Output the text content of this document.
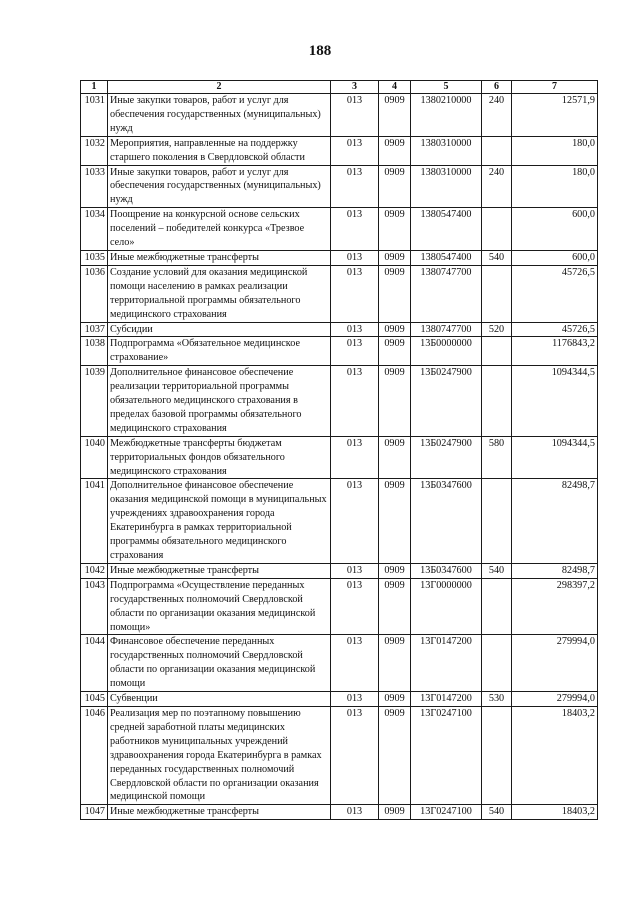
188
1	2	3	4	5	6	7
1031	Иные закупки товаров, работ и услуг для обеспечения государственных (муниципальных) нужд	013	0909	1380210000	240	12571,9
1032	Мероприятия, направленные на поддержку старшего поколения в Свердловской области	013	0909	1380310000		180,0
1033	Иные закупки товаров, работ и услуг для обеспечения государственных (муниципальных) нужд	013	0909	1380310000	240	180,0
1034	Поощрение на конкурсной основе сельских поселений – победителей конкурса «Трезвое село»	013	0909	1380547400		600,0
1035	Иные межбюджетные трансферты	013	0909	1380547400	540	600,0
1036	Создание условий для оказания медицинской помощи населению в рамках реализации территориальной программы обязательного медицинского страхования	013	0909	1380747700		45726,5
1037	Субсидии	013	0909	1380747700	520	45726,5
1038	Подпрограмма «Обязательное медицинское страхование»	013	0909	13Б0000000		1176843,2
1039	Дополнительное финансовое обеспечение реализации территориальной программы обязательного медицинского страхования в пределах базовой программы обязательного медицинского страхования	013	0909	13Б0247900		1094344,5
1040	Межбюджетные трансферты бюджетам территориальных фондов обязательного медицинского страхования	013	0909	13Б0247900	580	1094344,5
1041	Дополнительное финансовое обеспечение оказания медицинской помощи в муниципальных учреждениях здравоохранения города Екатеринбурга в рамках территориальной программы обязательного медицинского страхования	013	0909	13Б0347600		82498,7
1042	Иные межбюджетные трансферты	013	0909	13Б0347600	540	82498,7
1043	Подпрограмма «Осуществление переданных государственных полномочий Свердловской области по организации оказания медицинской помощи»	013	0909	13Г0000000		298397,2
1044	Финансовое обеспечение переданных государственных полномочий Свердловской области по организации оказания медицинской помощи	013	0909	13Г0147200		279994,0
1045	Субвенции	013	0909	13Г0147200	530	279994,0
1046	Реализация мер по поэтапному повышению средней заработной платы медицинских работников муниципальных учреждений здравоохранения города Екатеринбурга в рамках переданных государственных полномочий Свердловской области по организации оказания медицинской помощи	013	0909	13Г0247100		18403,2
1047	Иные межбюджетные трансферты	013	0909	13Г0247100	540	18403,2
